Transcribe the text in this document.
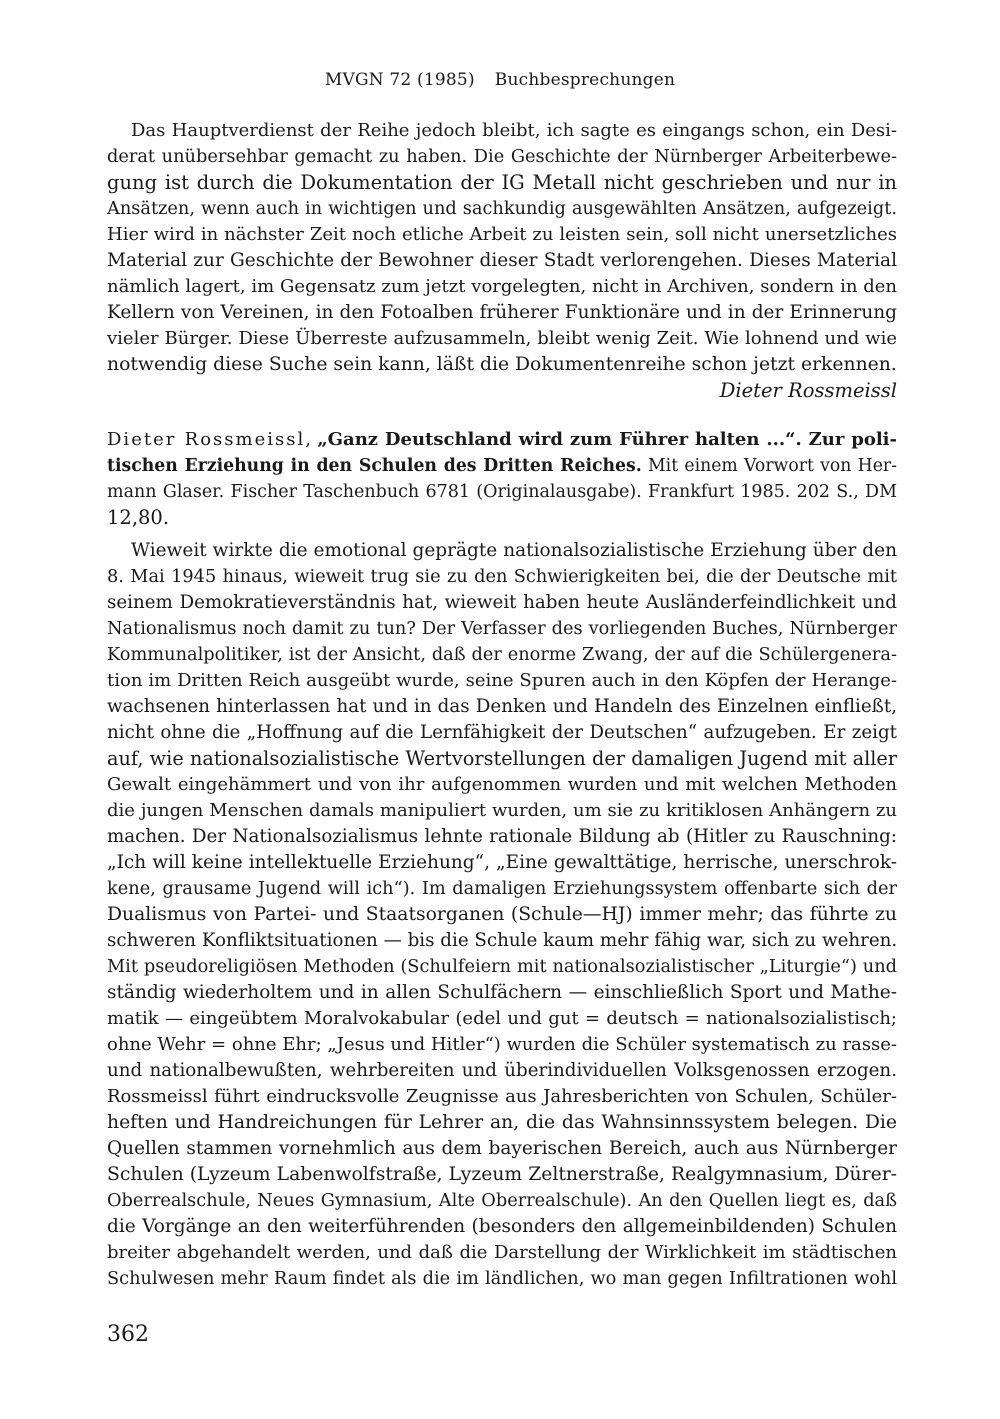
MVGN 72 (1985) Buchbesprechungen
Das Hauptverdienst der Reihe jedoch bleibt, ich sagte es eingangs schon, ein Desi-
derat unübersehbar gemacht zu haben. Die Geschichte der Nürnberger Arbeiterbewe-
gung ist durch die Dokumentation der IG Metall nicht geschrieben und nur in
Ansätzen, wenn auch in wichtigen und sachkundig ausgewählten Ansätzen, aufgezeigt.
Hier wird in nächster Zeit noch etliche Arbeit zu leisten sein, soll nicht unersetzliches
Material zur Geschichte der Bewohner dieser Stadt verlorengehen. Dieses Material
nämlich lagert, im Gegensatz zum jetzt vorgelegten, nicht in Archiven, sondern in den
Kellern von Vereinen, in den Fotoalben früherer Funktionäre und in der Erinnerung
vieler Bürger. Diese Überreste aufzusammeln, bleibt wenig Zeit. Wie lohnend und wie
notwendig diese Suche sein kann, läßt die Dokumentenreihe schon jetzt erkennen.
Dieter Rossmeissl
Dieter Rossmeissl, „Ganz Deutschland wird zum Führer halten ...“. Zur poli-
tischen Erziehung in den Schulen des Dritten Reiches. Mit einem Vorwort von Her-
mann Glaser. Fischer Taschenbuch 6781 (Originalausgabe). Frankfurt 1985. 202 S., DM
12,80.
Wieweit wirkte die emotional geprägte nationalsozialistische Erziehung über den
8. Mai 1945 hinaus, wieweit trug sie zu den Schwierigkeiten bei, die der Deutsche mit
seinem Demokratieverständnis hat, wieweit haben heute Ausländerfeindlichkeit und
Nationalismus noch damit zu tun? Der Verfasser des vorliegenden Buches, Nürnberger
Kommunalpolitiker, ist der Ansicht, daß der enorme Zwang, der auf die Schülergenera-
tion im Dritten Reich ausgeübt wurde, seine Spuren auch in den Köpfen der Herange-
wachsenen hinterlassen hat und in das Denken und Handeln des Einzelnen einfließt,
nicht ohne die „Hoffnung auf die Lernfähigkeit der Deutschen“ aufzugeben. Er zeigt
auf, wie nationalsozialistische Wertvorstellungen der damaligen Jugend mit aller
Gewalt eingehämmert und von ihr aufgenommen wurden und mit welchen Methoden
die jungen Menschen damals manipuliert wurden, um sie zu kritiklosen Anhängern zu
machen. Der Nationalsozialismus lehnte rationale Bildung ab (Hitler zu Rauschning:
„Ich will keine intellektuelle Erziehung“, „Eine gewalttätige, herrische, unerschrok-
kene, grausame Jugend will ich“). Im damaligen Erziehungssystem offenbarte sich der
Dualismus von Partei- und Staatsorganen (Schule—HJ) immer mehr; das führte zu
schweren Konfliktsituationen — bis die Schule kaum mehr fähig war, sich zu wehren.
Mit pseudoreligiösen Methoden (Schulfeiern mit nationalsozialistischer „Liturgie“) und
ständig wiederholtem und in allen Schulfächern — einschließlich Sport und Mathe-
matik — eingeübtem Moralvokabular (edel und gut = deutsch = nationalsozialistisch;
ohne Wehr = ohne Ehr; „Jesus und Hitler“) wurden die Schüler systematisch zu rasse-
und nationalbewußten, wehrbereiten und überindividuellen Volksgenossen erzogen.
Rossmeissl führt eindrucksvolle Zeugnisse aus Jahresberichten von Schulen, Schüler-
heften und Handreichungen für Lehrer an, die das Wahnsinnssystem belegen. Die
Quellen stammen vornehmlich aus dem bayerischen Bereich, auch aus Nürnberger
Schulen (Lyzeum Labenwolfstraße, Lyzeum Zeltnerstraße, Realgymnasium, Dürer-
Oberrealschule, Neues Gymnasium, Alte Oberrealschule). An den Quellen liegt es, daß
die Vorgänge an den weiterführenden (besonders den allgemeinbildenden) Schulen
breiter abgehandelt werden, und daß die Darstellung der Wirklichkeit im städtischen
Schulwesen mehr Raum findet als die im ländlichen, wo man gegen Infiltrationen wohl
362
